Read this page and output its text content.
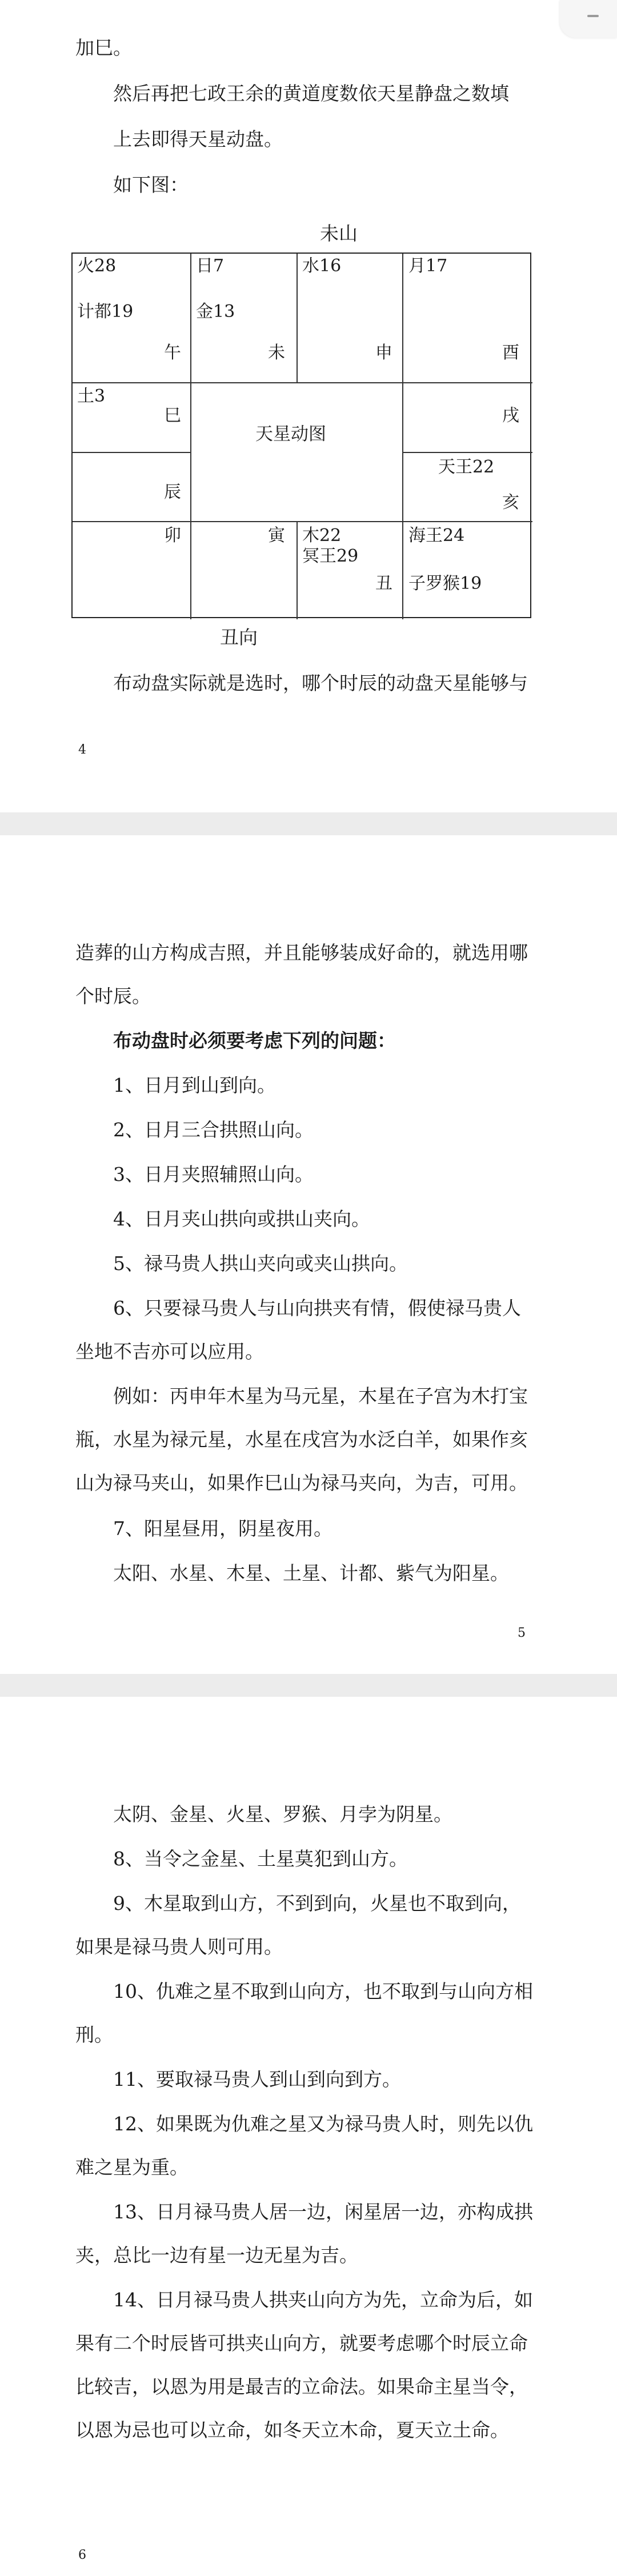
加巳。

然后再把七政王余的黄道度数依天星静盘之数填

上去即得天星动盘。

如下图：

未山
火28
计都19
午
日7
金13
未
水16
申
月17
酉
土3
巳	戌
天星动图
辰
天王22
亥
卯	寅 木22
冥王29
丑
海王24
子罗猴19
丑向

布动盘实际就是选时，哪个时辰的动盘天星能够与

4

造葬的山方构成吉照，并且能够装成好命的，就选用哪个时辰。

布动盘时必须要考虑下列的问题：

1、日月到山到向。

2、日月三合拱照山向。

3、日月夹照辅照山向。

4、日月夹山拱向或拱山夹向。

5、禄马贵人拱山夹向或夹山拱向。

6、只要禄马贵人与山向拱夹有情，假使禄马贵人坐地不吉亦可以应用。

例如：丙申年木星为马元星，木星在子宫为木打宝瓶，水星为禄元星，水星在戌宫为水泛白羊，如果作亥山为禄马夹山，如果作巳山为禄马夹向，为吉，可用。

7、阳星昼用，阴星夜用。

太阳、水星、木星、土星、计都、紫气为阳星。

5

太阴、金星、火星、罗猴、月孛为阴星。

8、当令之金星、土星莫犯到山方。

9、木星取到山方，不到到向，火星也不取到向，如果是禄马贵人则可用。

10、仇难之星不取到山向方，也不取到与山向方相刑。

11、要取禄马贵人到山到向到方。

12、如果既为仇难之星又为禄马贵人时，则先以仇难之星为重。

13、日月禄马贵人居一边，闲星居一边，亦构成拱夹，总比一边有星一边无星为吉。

14、日月禄马贵人拱夹山向方为先，立命为后，如果有二个时辰皆可拱夹山向方，就要考虑哪个时辰立命比较吉，以恩为用是最吉的立命法。如果命主星当令，以恩为忌也可以立命，如冬天立木命，夏天立土命。

6
